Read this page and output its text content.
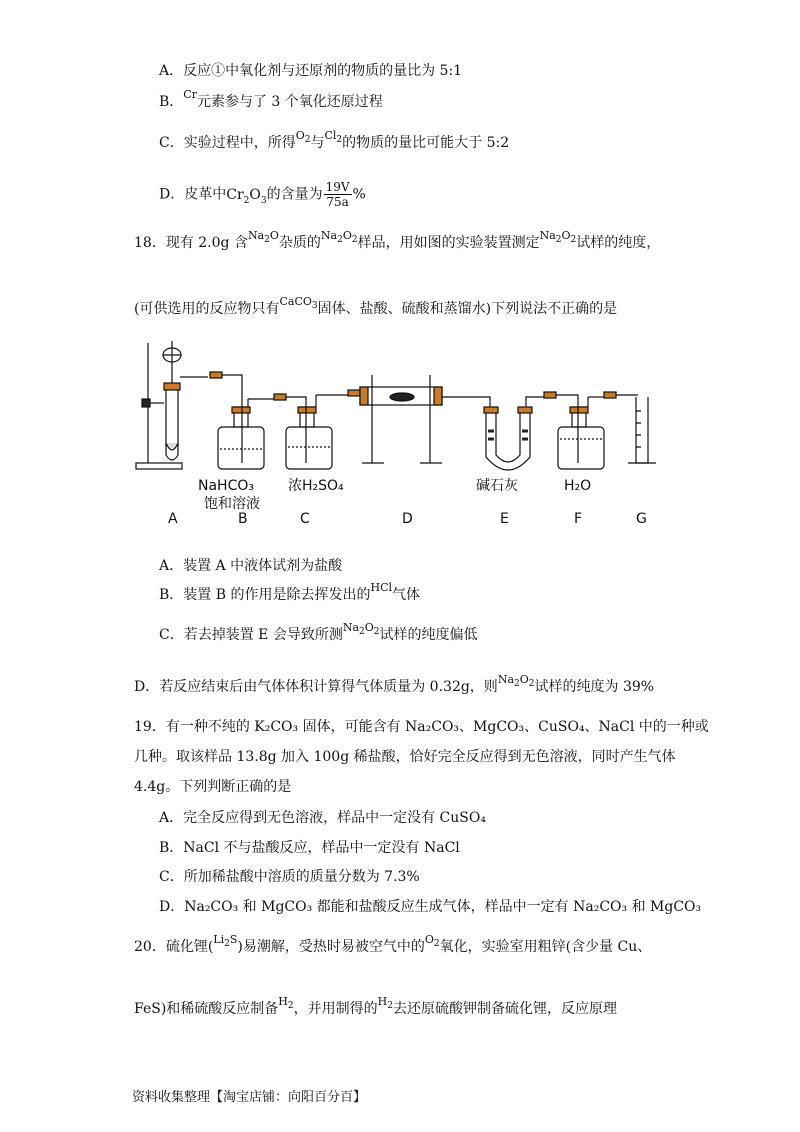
A．反应①中氧化剂与还原剂的物质的量比为 5:1
B．$^{Cr}$元素参与了 3 个氧化还原过程
C．实验过程中，所得$^{O_2}$与$^{Cl_2}$的物质的量比可能大于 5:2
D．皮革中$Cr_2O_3$的含量为 $\frac{19V}{75a}$ %
18．现有 2.0g 含$^{Na_2O}$杂质的$^{Na_2O_2}$样品，用如图的实验装置测定$^{Na_2O_2}$试样的纯度，
(可供选用的反应物只有$^{CaCO_3}$固体、盐酸、硫酸和蒸馏水)下列说法不正确的是
NaHCO₃
饱和溶液
浓H₂SO₄	碱石灰	H₂O
A	B	C	D	E	F	G
A．装置 A 中液体试剂为盐酸
B．装置 B 的作用是除去挥发出的$^{HCl}$气体
C．若去掉装置 E 会导致所测$^{Na_2O_2}$试样的纯度偏低
D．若反应结束后由气体体积计算得气体质量为 0.32g，则$^{Na_2O_2}$试样的纯度为 39%
19．有一种不纯的 K₂CO₃ 固体，可能含有 Na₂CO₃、MgCO₃、CuSO₄、NaCl 中的一种或
几种。取该样品 13.8g 加入 100g 稀盐酸，恰好完全反应得到无色溶液，同时产生气体
4.4g。下列判断正确的是
A．完全反应得到无色溶液，样品中一定没有 CuSO₄
B．NaCl 不与盐酸反应，样品中一定没有 NaCl
C．所加稀盐酸中溶质的质量分数为 7.3%
D．Na₂CO₃ 和 MgCO₃ 都能和盐酸反应生成气体，样品中一定有 Na₂CO₃ 和 MgCO₃
20．硫化锂($^{Li_2S}$)易潮解，受热时易被空气中的$^{O_2}$氧化，实验室用粗锌(含少量 Cu、
FeS)和稀硫酸反应制备$^{H_2}$，并用制得的$^{H_2}$去还原硫酸钾制备硫化锂，反应原理
资料收集整理【淘宝店铺：向阳百分百】
